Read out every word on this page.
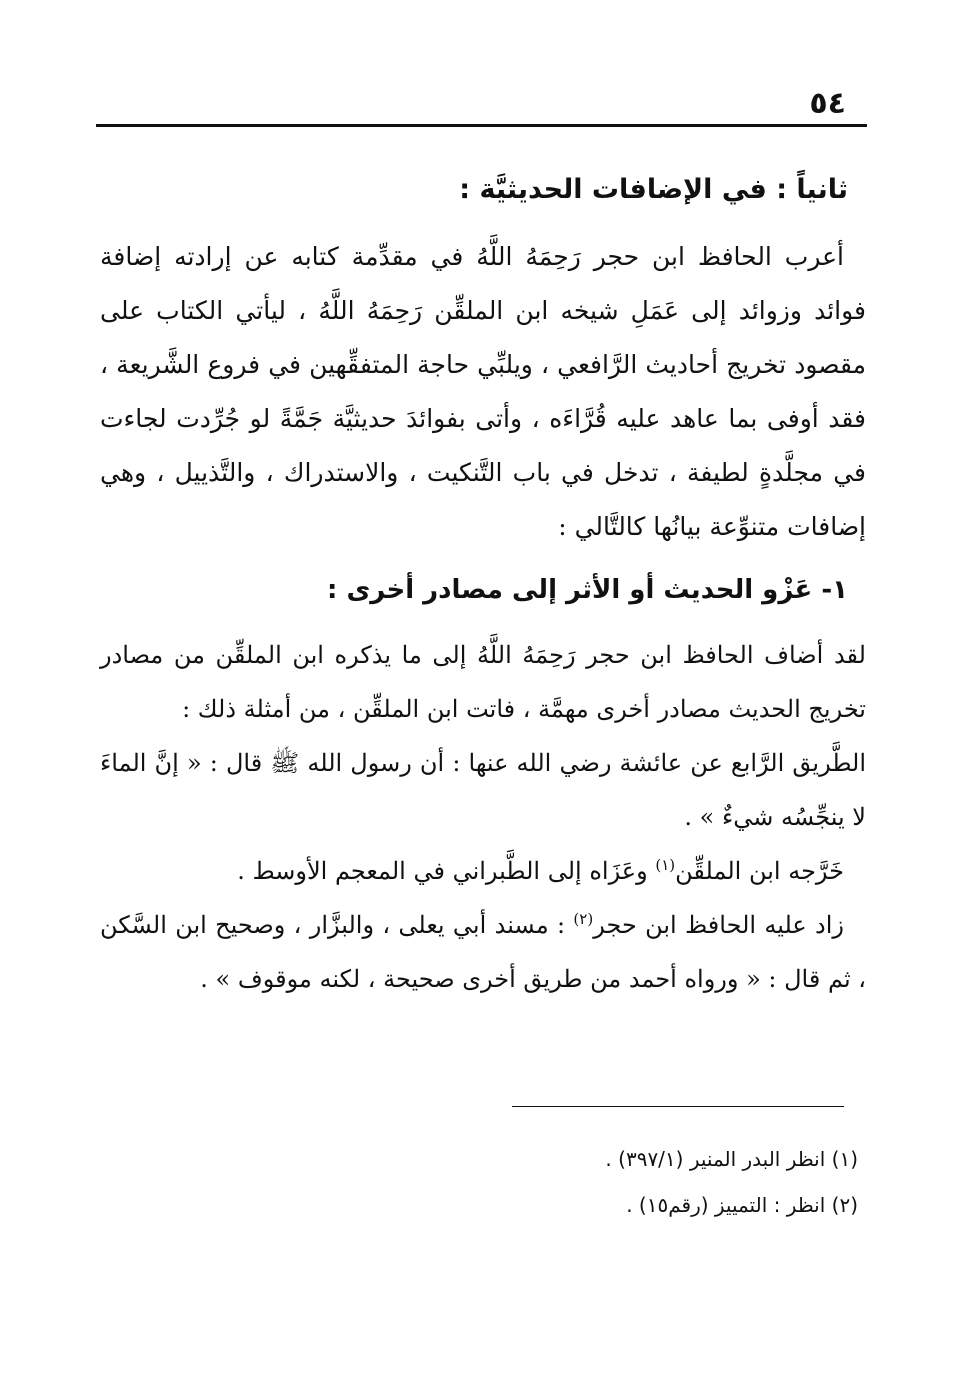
٥٤
ثانياً : في الإضافات الحديثيَّة :

أعرب الحافظ ابن حجر رَحِمَهُ اللَّهُ في مقدِّمة كتابه عن إرادته إضافة فوائد وزوائد إلى عَمَلِ شيخه ابن الملقِّن رَحِمَهُ اللَّهُ ، ليأتي الكتاب على مقصود تخريج أحاديث الرَّافعي ، ويلبِّي حاجة المتفقِّهين في فروع الشَّريعة ، فقد أوفى بما عاهد عليه قُرَّاءَه ، وأتى بفوائدَ حديثيَّة جَمَّةً لو جُرِّدت لجاءت في مجلَّدةٍ لطيفة ، تدخل في باب التَّنكيت ، والاستدراك ، والتَّذييل ، وهي إضافات متنوِّعة بيانُها كالتَّالي :

١- عَزْو الحديث أو الأثر إلى مصادر أخرى :

لقد أضاف الحافظ ابن حجر رَحِمَهُ اللَّهُ إلى ما يذكره ابن الملقِّن من مصادر تخريج الحديث مصادر أخرى مهمَّة ، فاتت ابن الملقِّن ، من أمثلة ذلك :

الطَّريق الرَّابع عن عائشة رضي الله عنها : أن رسول الله ﷺ قال : « إنَّ الماءَ لا ينجِّسُه شيءٌ » .

خَرَّجه ابن الملقِّن$^{(١)}$ وعَزَاه إلى الطَّبراني في المعجم الأوسط .

زاد عليه الحافظ ابن حجر$^{(٢)}$ : مسند أبي يعلى ، والبزَّار ، وصحيح ابن السَّكن ، ثم قال : « ورواه أحمد من طريق أخرى صحيحة ، لكنه موقوف » .

(١) انظر البدر المنير (٣٩٧/١) .

(٢) انظر : التمييز (رقم١٥) .
